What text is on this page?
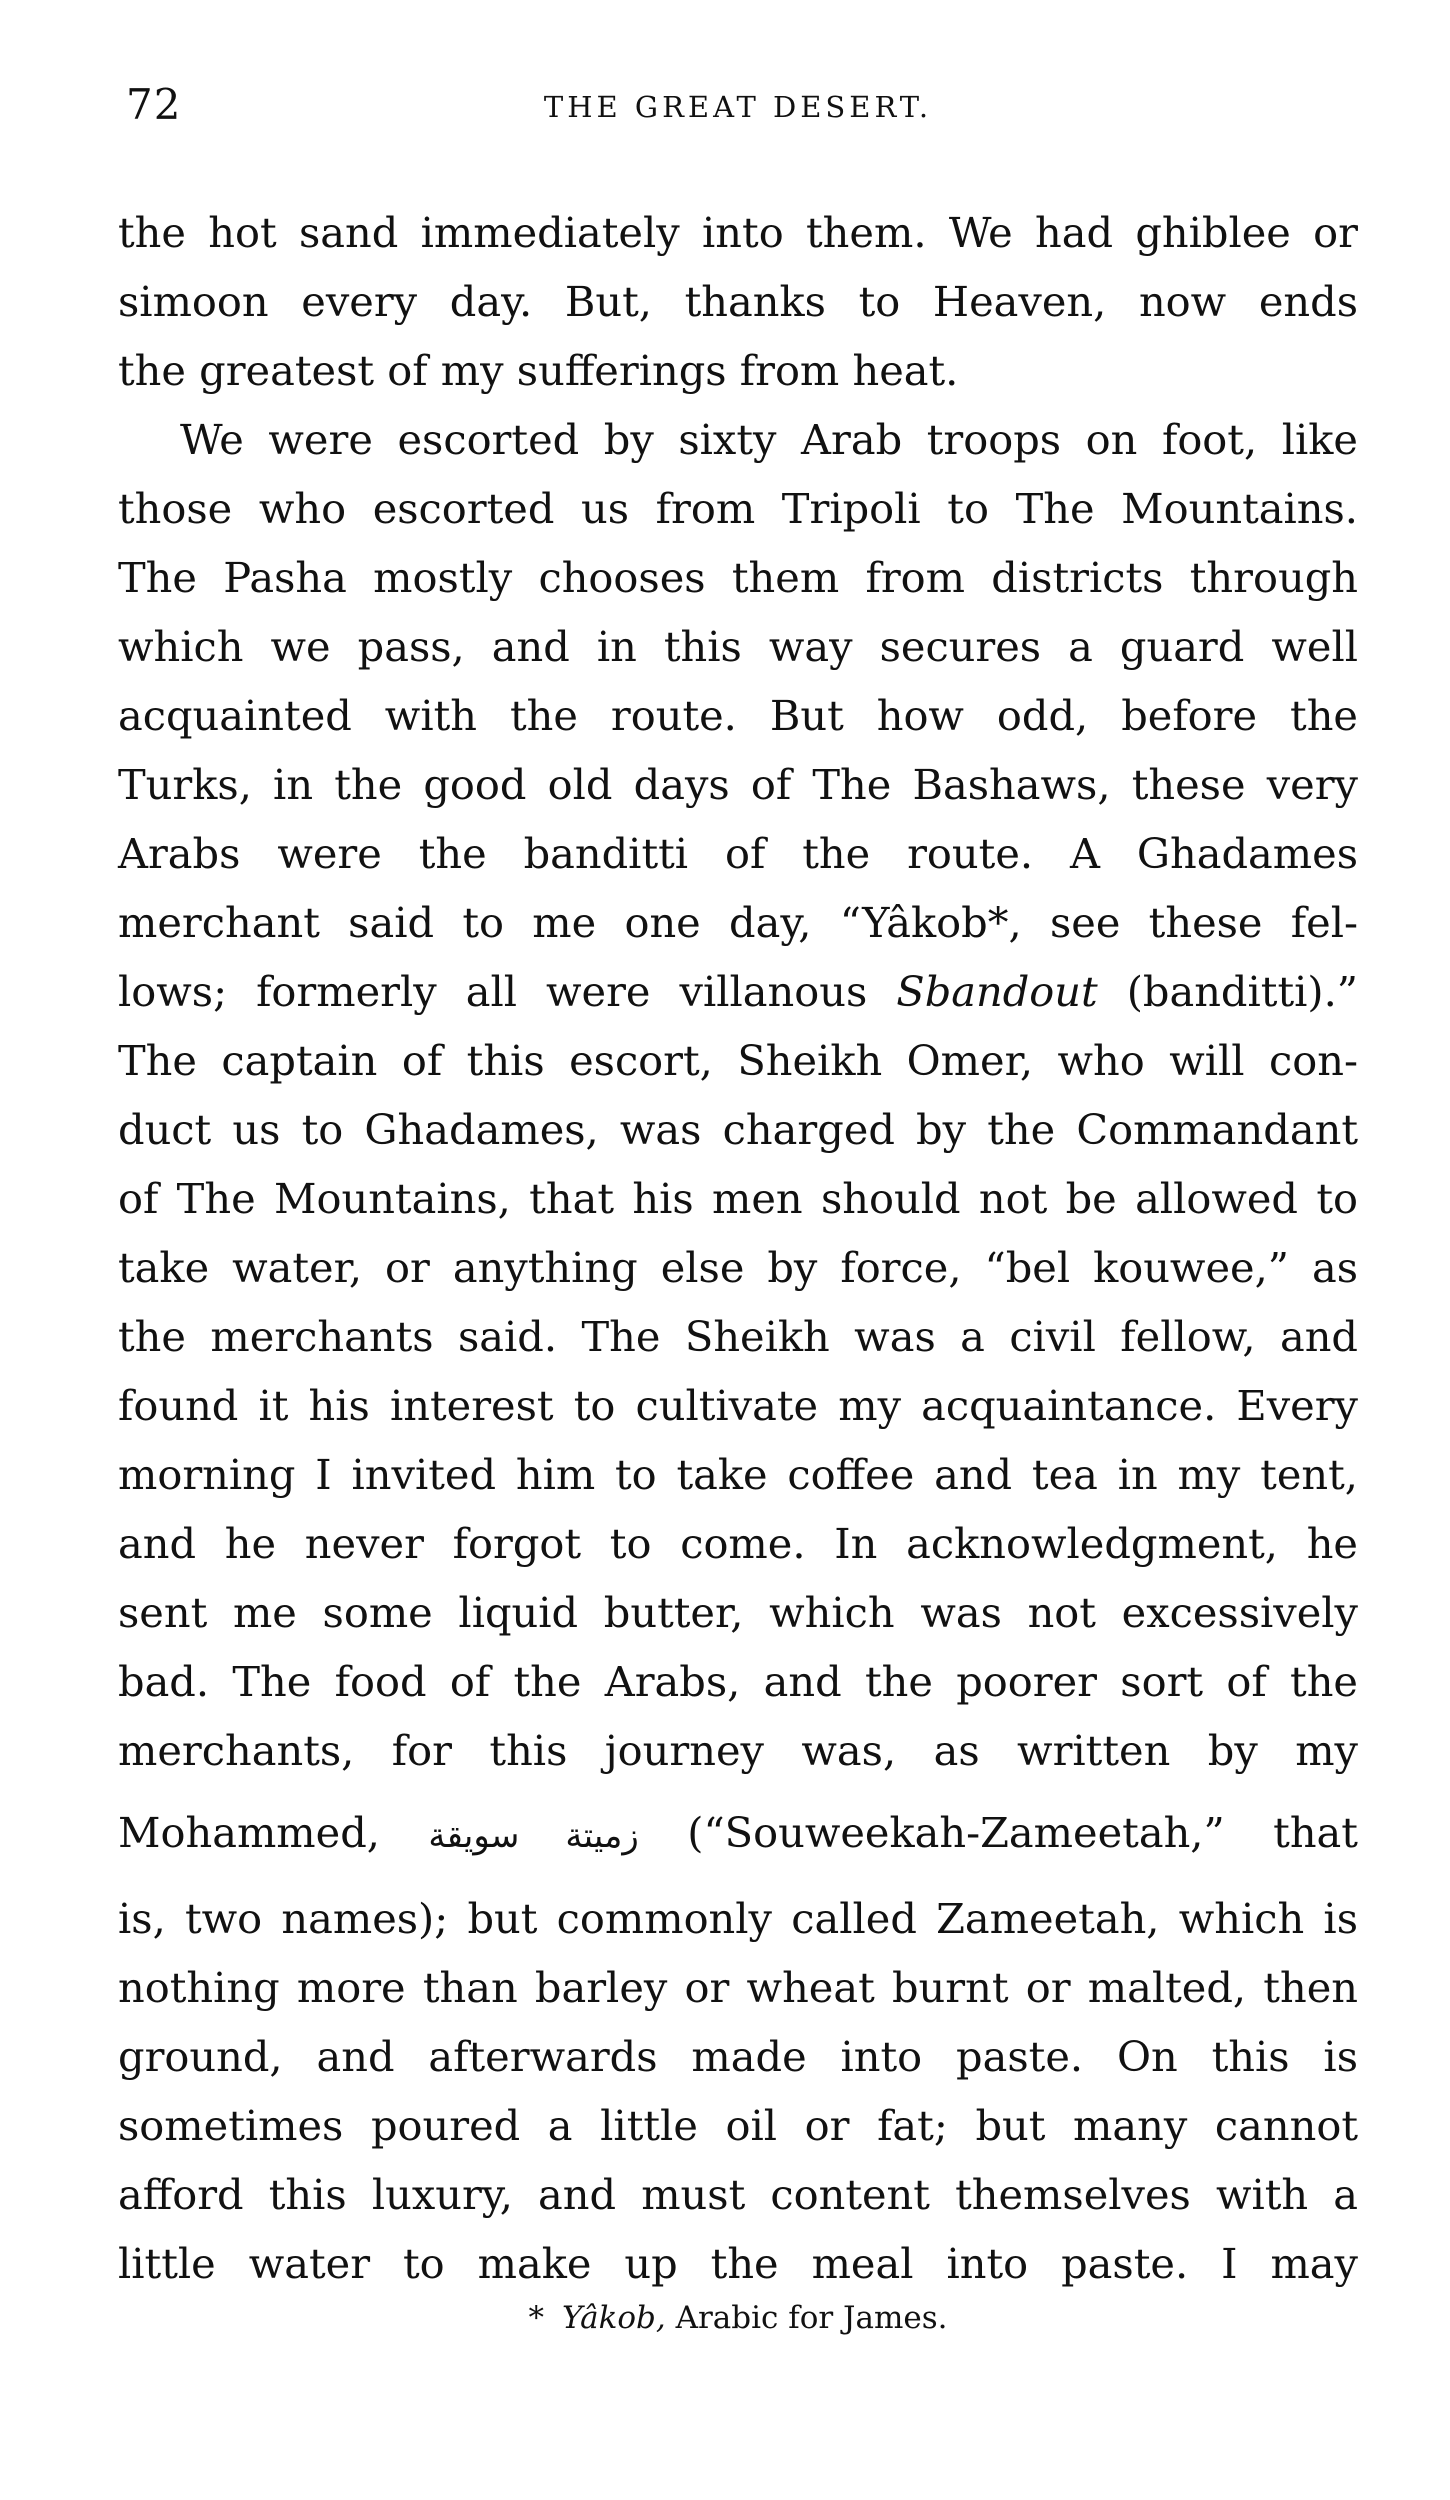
72	THE GREAT DESERT.

the hot sand immediately into them. We had ghiblee or
simoon every day. But, thanks to Heaven, now ends
the greatest of my sufferings from heat.

We were escorted by sixty Arab troops on foot, like
those who escorted us from Tripoli to The Mountains.
The Pasha mostly chooses them from districts through
which we pass, and in this way secures a guard well
acquainted with the route. But how odd, before the
Turks, in the good old days of The Bashaws, these very
Arabs were the banditti of the route. A Ghadames
merchant said to me one day, “Yâkob*, see these fel-
lows; formerly all were villanous Sbandout (banditti).”
The captain of this escort, Sheikh Omer, who will con-
duct us to Ghadames, was charged by the Commandant
of The Mountains, that his men should not be allowed to
take water, or anything else by force, “bel kouwee,” as
the merchants said. The Sheikh was a civil fellow, and
found it his interest to cultivate my acquaintance. Every
morning I invited him to take coffee and tea in my tent,
and he never forgot to come. In acknowledgment, he
sent me some liquid butter, which was not excessively
bad. The food of the Arabs, and the poorer sort of the
merchants, for this journey was, as written by my
Mohammed, زميتة سويقة (“Souweekah-Zameetah,” that
is, two names); but commonly called Zameetah, which is
nothing more than barley or wheat burnt or malted, then
ground, and afterwards made into paste. On this is
sometimes poured a little oil or fat; but many cannot
afford this luxury, and must content themselves with a
little water to make up the meal into paste. I may

* Yâkob, Arabic for James.
